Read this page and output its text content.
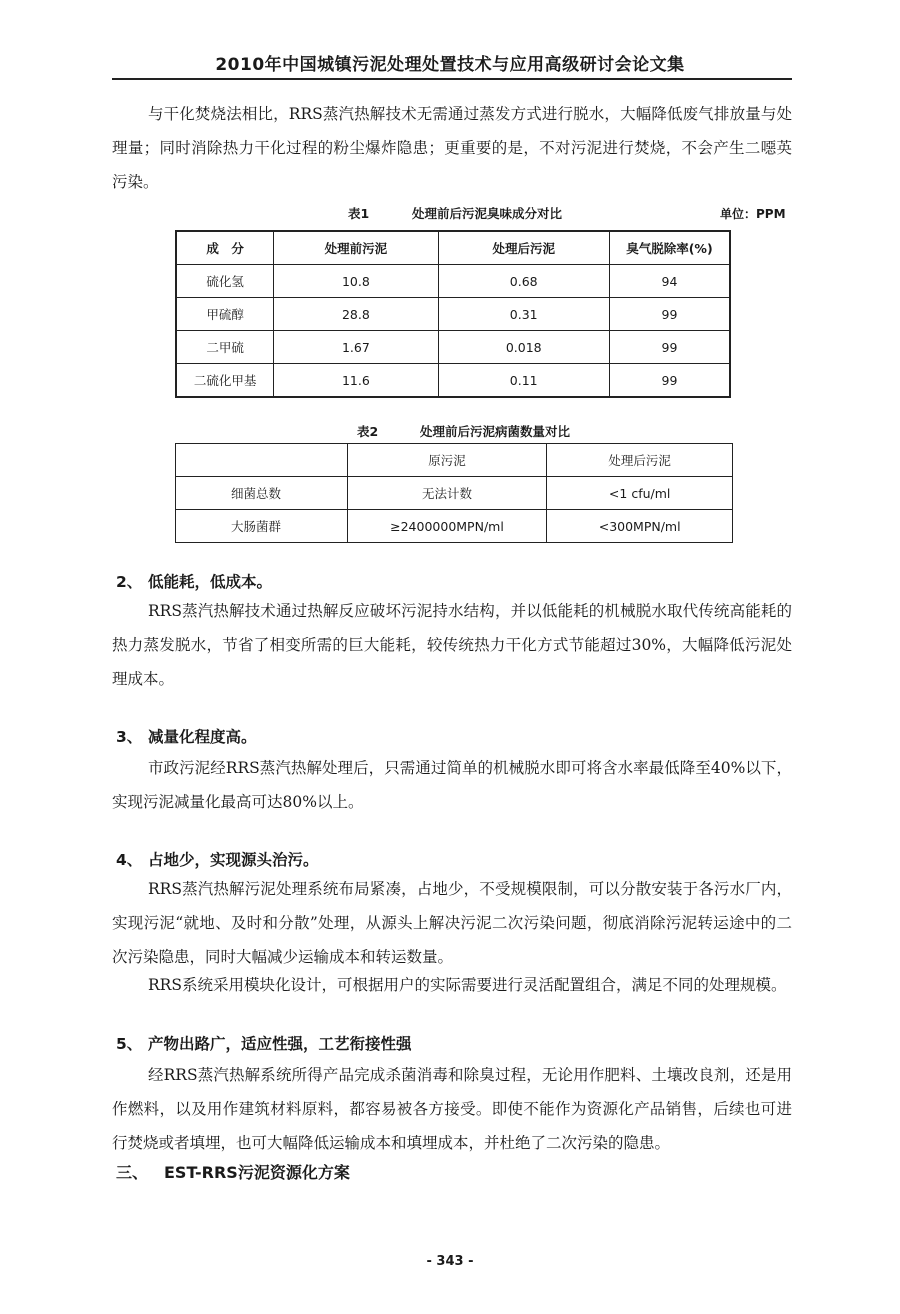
2010年中国城镇污泥处理处置技术与应用高级研讨会论文集

与干化焚烧法相比，RRS蒸汽热解技术无需通过蒸发方式进行脱水，大幅降低废气排放量与处理量；同时消除热力干化过程的粉尘爆炸隐患；更重要的是，不对污泥进行焚烧，不会产生二噁英污染。

表1	处理前后污泥臭味成分对比	单位：PPM
成　分	处理前污泥	处理后污泥	臭气脱除率(%)
硫化氢	10.8	0.68	94
甲硫醇	28.8	0.31	99
二甲硫	1.67	0.018	99
二硫化甲基	11.6	0.11	99
表2	处理前后污泥病菌数量对比
	原污泥	处理后污泥
细菌总数	无法计数	<1 cfu/ml
大肠菌群	≥2400000MPN/ml	<300MPN/ml
2、 低能耗，低成本。

RRS蒸汽热解技术通过热解反应破坏污泥持水结构，并以低能耗的机械脱水取代传统高能耗的热力蒸发脱水，节省了相变所需的巨大能耗，较传统热力干化方式节能超过30%，大幅降低污泥处理成本。

3、 减量化程度高。

市政污泥经RRS蒸汽热解处理后，只需通过简单的机械脱水即可将含水率最低降至40%以下，实现污泥减量化最高可达80%以上。

4、 占地少，实现源头治污。

RRS蒸汽热解污泥处理系统布局紧凑，占地少，不受规模限制，可以分散安装于各污水厂内，实现污泥“就地、及时和分散”处理，从源头上解决污泥二次污染问题，彻底消除污泥转运途中的二次污染隐患，同时大幅减少运输成本和转运数量。

RRS系统采用模块化设计，可根据用户的实际需要进行灵活配置组合，满足不同的处理规模。

5、 产物出路广，适应性强，工艺衔接性强

经RRS蒸汽热解系统所得产品完成杀菌消毒和除臭过程，无论用作肥料、土壤改良剂，还是用作燃料，以及用作建筑材料原料，都容易被各方接受。即使不能作为资源化产品销售，后续也可进行焚烧或者填埋，也可大幅降低运输成本和填埋成本，并杜绝了二次污染的隐患。

三、 EST-RRS污泥资源化方案
- 343 -
